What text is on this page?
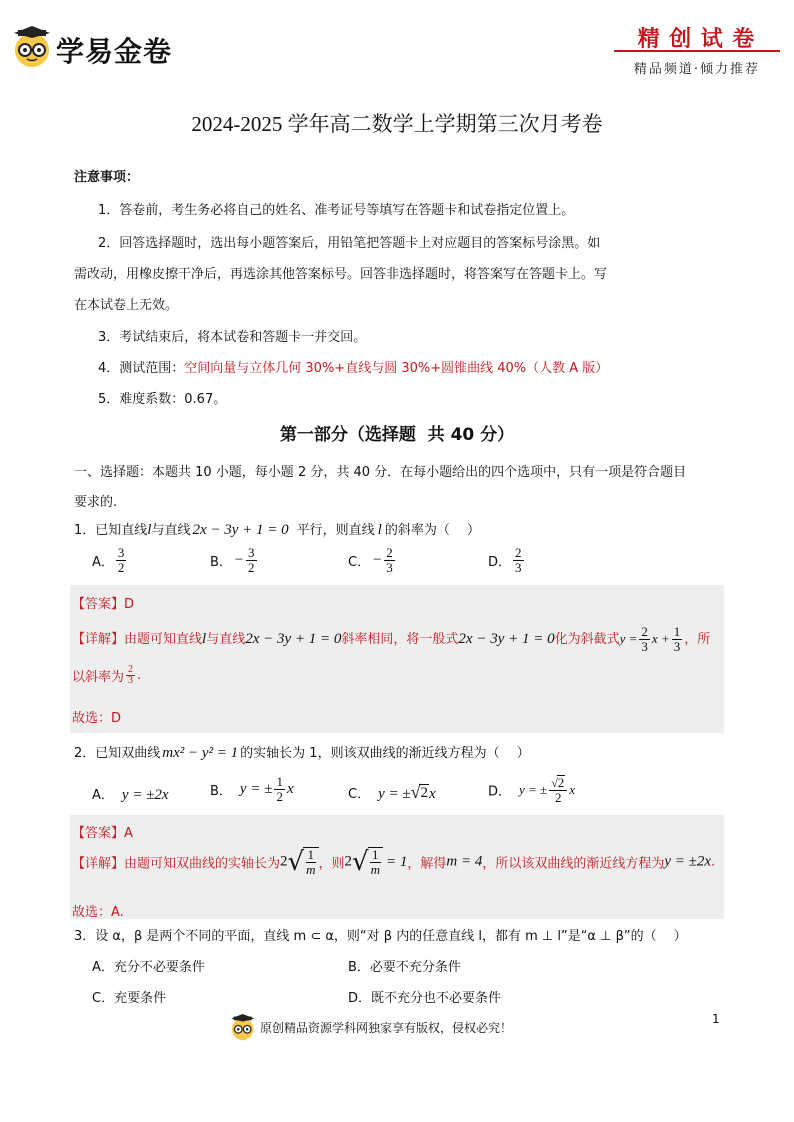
学易金卷	精 创 试 卷
精品频道·倾力推荐
2024-2025 学年高二数学上学期第三次月考卷
注意事项：
1．答卷前，考生务必将自己的姓名、准考证号等填写在答题卡和试卷指定位置上。
2．回答选择题时，选出每小题答案后，用铅笔把答题卡上对应题目的答案标号涂黑。如
需改动，用橡皮擦干净后，再选涂其他答案标号。回答非选择题时，将答案写在答题卡上。写
在本试卷上无效。
3．考试结束后，将本试卷和答题卡一并交回。
4．测试范围：空间向量与立体几何 30%+直线与圆 30%+圆锥曲线 40%（人教 A 版）
5．难度系数：0.67。
第一部分（选择题  共 40 分）
一、选择题：本题共 10 小题，每小题 2 分，共 40 分．在每小题给出的四个选项中，只有一项是符合题目
要求的.
1．已知直线l与直线 2x − 3y + 1 = 0 平行，则直线 l 的斜率为（　 ）
A． $\frac{3}{2}$	B． − $\frac{3}{2}$	C． − $\frac{2}{3}$	D． $\frac{2}{3}$
【答案】D
【详解】由题可知直线l与直线2x − 3y + 1 = 0斜率相同，将一般式2x − 3y + 1 = 0化为斜截式$y = \frac{2}{3}$ $x + \frac{1}{3}$ ，所
以斜率为 $\frac{2}{3}$ .
故选：D
2．已知双曲线 mx² − y² = 1 的实轴长为 1，则该双曲线的渐近线方程为（　 ）
A． y = ±2x	B． y = ± $\frac{1}{2}$ x	C． y = ± √ 2 x	D． y = ± $\frac{√ 2}{2}$ x
【答案】A
【详解】由题可知双曲线的实轴长为2 √ $\frac{1}{m}$ ，则2 √ $\frac{1}{m} = 1$，解得m = 4，所以该双曲线的渐近线方程为y = ±2x.
故选：A.
3．设 α，β 是两个不同的平面，直线 m ⊂ α，则“对 β 内的任意直线 l，都有 m ⊥ l”是“α ⊥ β”的（　 ）
A．充分不必要条件	B．必要不充分条件
C．充要条件	D．既不充分也不必要条件
原创精品资源学科网独家享有版权，侵权必究！
1
